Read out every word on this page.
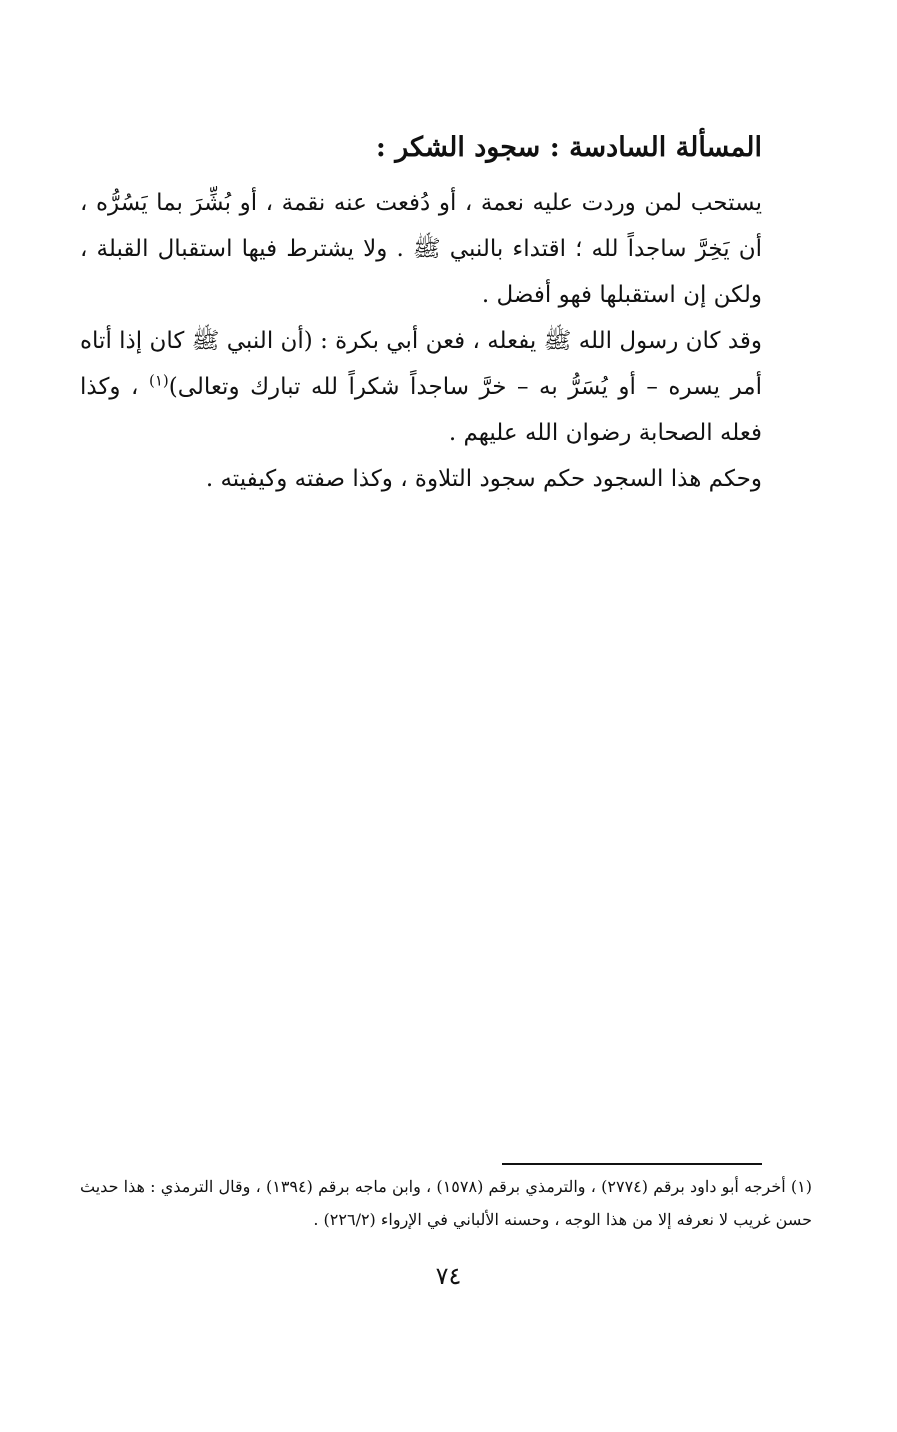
المسألة السادسة : سجود الشكر :

يستحب لمن وردت عليه نعمة ، أو دُفعت عنه نقمة ، أو بُشِّرَ بما يَسُرُّه ، أن يَخِرَّ ساجداً لله ؛ اقتداء بالنبي ﷺ . ولا يشترط فيها استقبال القبلة ، ولكن إن استقبلها فهو أفضل .

وقد كان رسول الله ﷺ يفعله ، فعن أبي بكرة : (أن النبي ﷺ كان إذا أتاه أمر يسره – أو يُسَرُّ به – خرَّ ساجداً شكراً لله تبارك وتعالى)$^{(١)}$ ، وكذا فعله الصحابة رضوان الله عليهم .

وحكم هذا السجود حكم سجود التلاوة ، وكذا صفته وكيفيته .

(١) أخرجه أبو داود برقم (٢٧٧٤) ، والترمذي برقم (١٥٧٨) ، وابن ماجه برقم (١٣٩٤) ، وقال الترمذي : هذا حديث حسن غريب لا نعرفه إلا من هذا الوجه ، وحسنه الألباني في الإرواء (٢٢٦/٢) .

٧٤
